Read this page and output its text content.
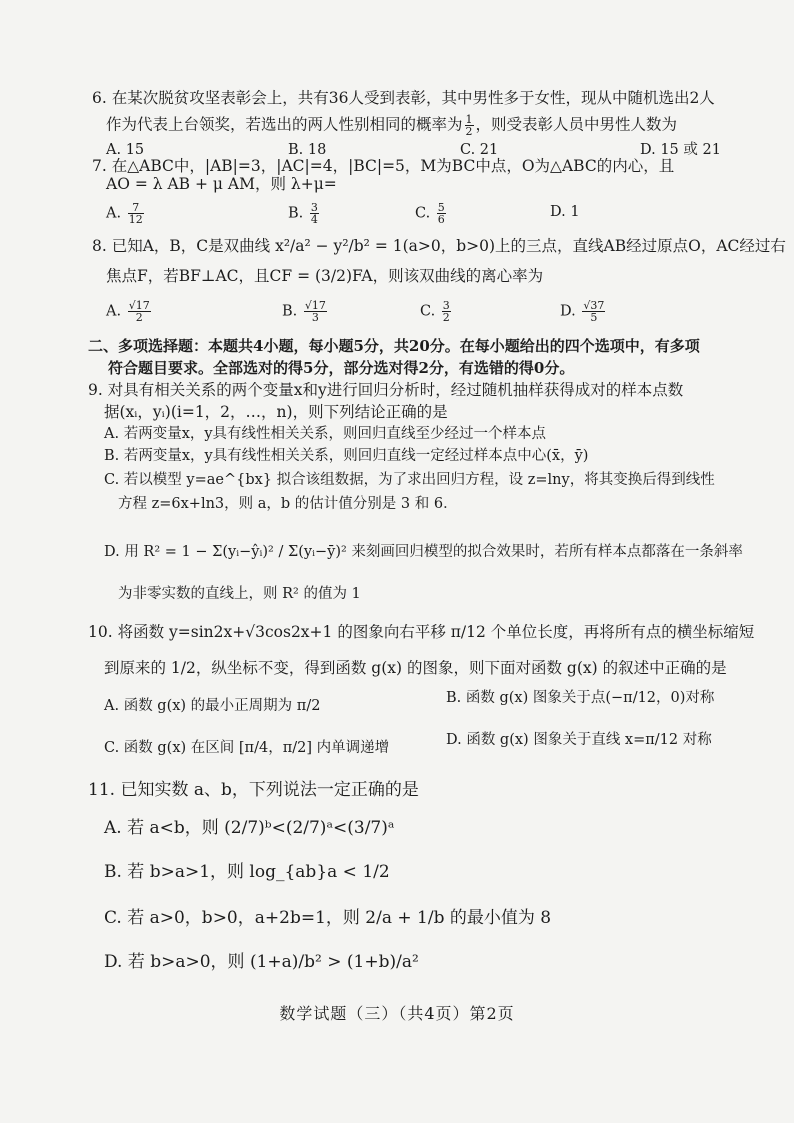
6. 在某次脱贫攻坚表彰会上，共有36人受到表彰，其中男性多于女性，现从中随机选出2人
作为代表上台领奖，若选出的两人性别相同的概率为 $\frac{1}{2}$ ，则受表彰人员中男性人数为
A. 15	B. 18	C. 21	D. 15 或 21
7. 在△ABC中，|AB|=3，|AC|=4，|BC|=5，M为BC中点，O为△ABC的内心，且
AO = λ AB + μ AM，则 λ+μ=
A. $\frac{7}{12}$	B. $\frac{3}{4}$	C. $\frac{5}{6}$	D. 1
8. 已知A，B，C是双曲线 x²/a² − y²/b² = 1(a>0，b>0)上的三点，直线AB经过原点O，AC经过右
焦点F，若BF⊥AC，且CF = (3/2)FA，则该双曲线的离心率为
A. $\frac{√17}{2}$	B. $\frac{√17}{3}$	C. $\frac{3}{2}$	D. $\frac{√37}{5}$
二、多项选择题：本题共4小题，每小题5分，共20分。在每小题给出的四个选项中，有多项
符合题目要求。全部选对的得5分，部分选对得2分，有选错的得0分。
9. 对具有相关关系的两个变量x和y进行回归分析时，经过随机抽样获得成对的样本点数
据(xᵢ，yᵢ)(i=1，2，…，n)，则下列结论正确的是
A. 若两变量x，y具有线性相关关系，则回归直线至少经过一个样本点
B. 若两变量x，y具有线性相关关系，则回归直线一定经过样本点中心(x̄，ȳ)
C. 若以模型 y=ae^{bx} 拟合该组数据，为了求出回归方程，设 z=lny，将其变换后得到线性
方程 z=6x+ln3，则 a，b 的估计值分别是 3 和 6．
D. 用 R² = 1 − Σ(yᵢ−ŷᵢ)² / Σ(yᵢ−ȳ)² 来刻画回归模型的拟合效果时，若所有样本点都落在一条斜率
为非零实数的直线上，则 R² 的值为 1
10. 将函数 y=sin2x+√3cos2x+1 的图象向右平移 π/12 个单位长度，再将所有点的横坐标缩短
到原来的 1/2，纵坐标不变，得到函数 g(x) 的图象，则下面对函数 g(x) 的叙述中正确的是
A. 函数 g(x) 的最小正周期为 π/2	B. 函数 g(x) 图象关于点(−π/12，0)对称
C. 函数 g(x) 在区间 [π/4，π/2] 内单调递增	D. 函数 g(x) 图象关于直线 x=π/12 对称
11. 已知实数 a、b，下列说法一定正确的是
A. 若 a<b，则 (2/7)ᵇ<(2/7)ᵃ<(3/7)ᵃ
B. 若 b>a>1，则 log_{ab}a < 1/2
C. 若 a>0，b>0，a+2b=1，则 2/a + 1/b 的最小值为 8
D. 若 b>a>0，则 (1+a)/b² > (1+b)/a²
数学试题（三）（共4页）第2页
